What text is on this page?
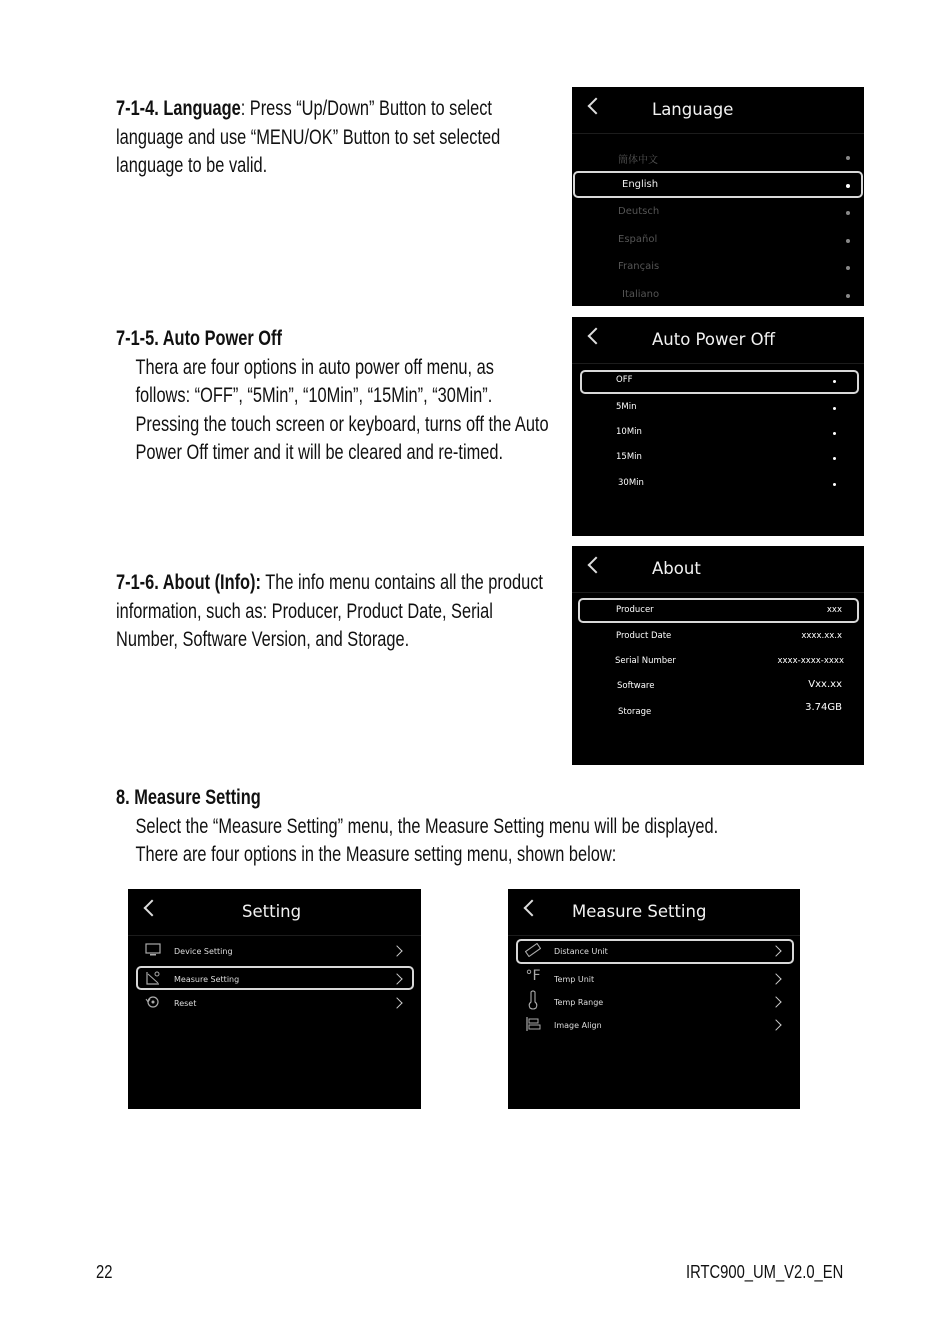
7-1-4. Language: Press “Up/Down” Button to select
language and use “MENU/OK” Button to set selected
language to be valid.
Language
簡体中文
English
Deutsch
Español
Français
Italiano
7-1-5. Auto Power Off
Thera are four options in auto power off menu, as
follows: “OFF”, “5Min”, “10Min”, “15Min”, “30Min”.
Pressing the touch screen or keyboard, turns off the Auto
Power Off timer and it will be cleared and re-timed.
Auto Power Off
OFF
5Min
10Min
15Min
30Min
7-1-6. About (Info): The info menu contains all the product
information, such as: Producer, Product Date, Serial
Number, Software Version, and Storage.
About
Producer	xxx
Product Date	xxxx.xx.x
Serial Number	xxxx-xxxx-xxxx
Software	Vxx.xx
Storage	3.74GB
8. Measure Setting
Select the “Measure Setting” menu, the Measure Setting menu will be displayed.
There are four options in the Measure setting menu, shown below:
Setting
Device Setting
Measure Setting
Reset
Measure Setting
Distance Unit
°F Temp Unit
Temp Range
Image Align
22	IRTC900_UM_V2.0_EN
